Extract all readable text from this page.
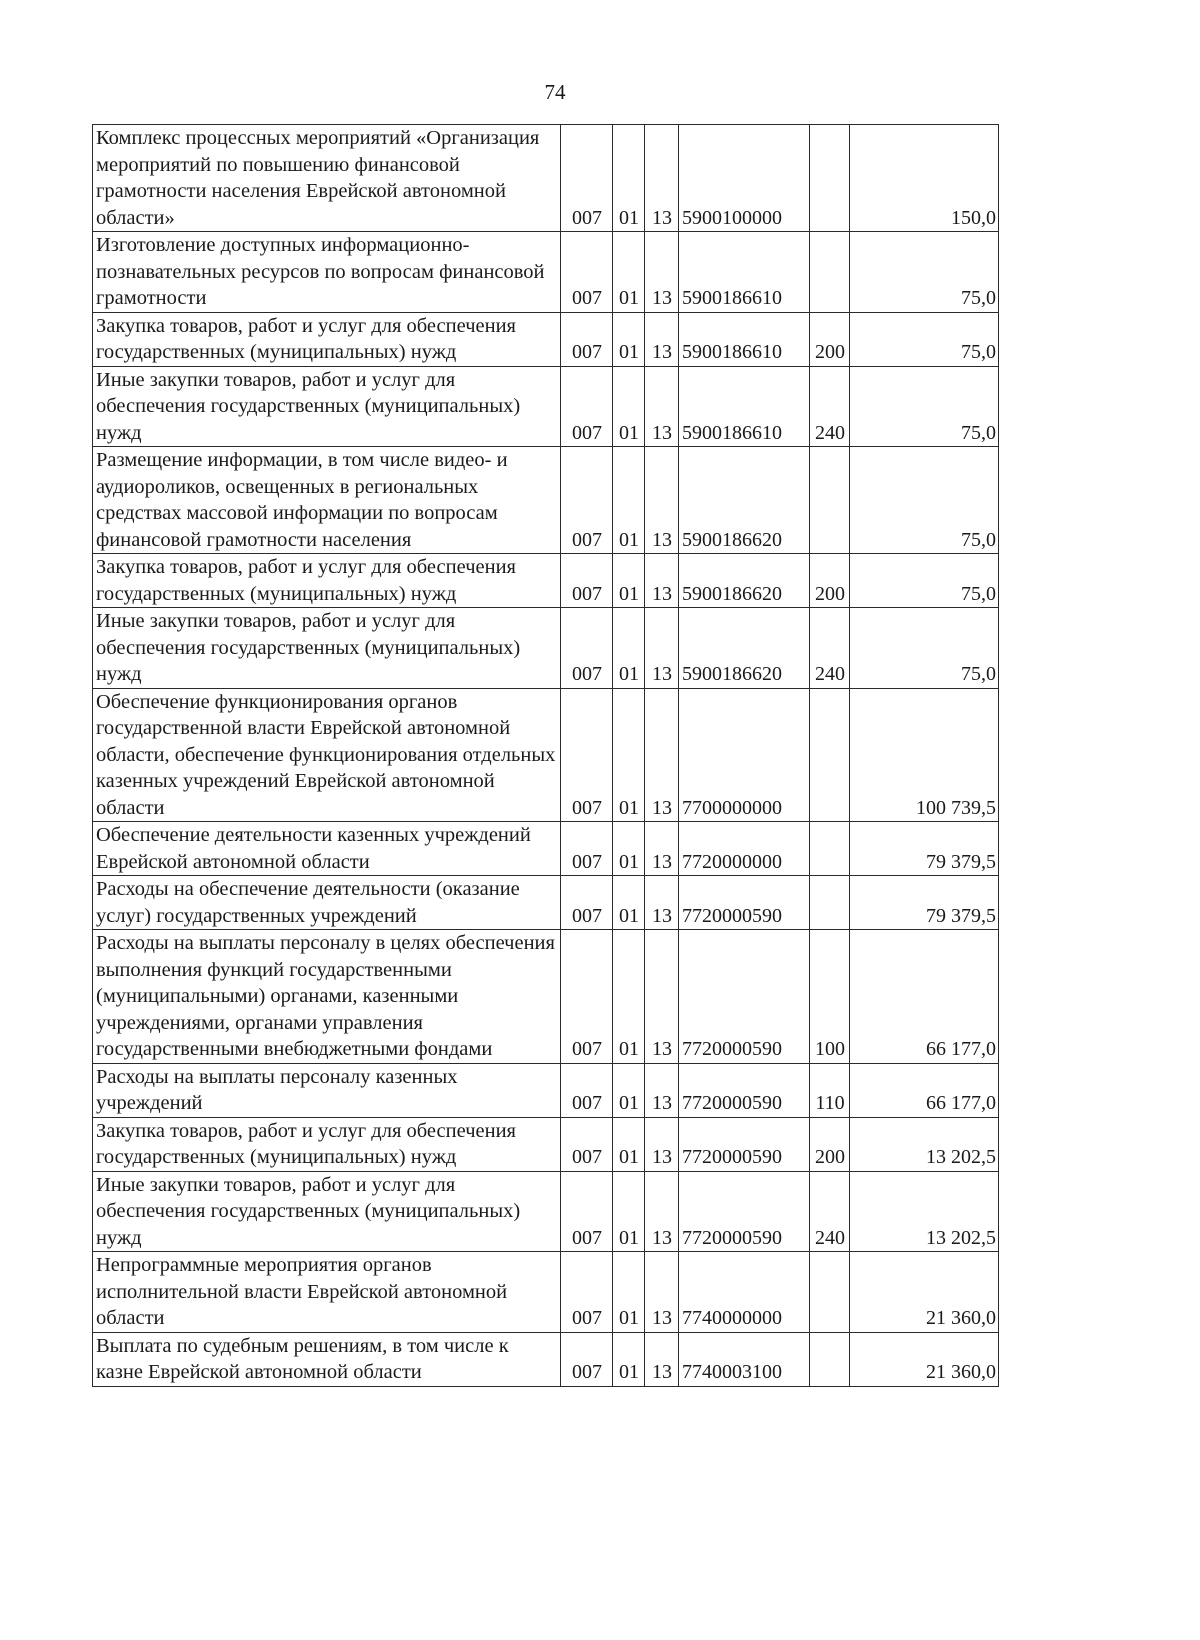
74
Комплекс процессных мероприятий «Организация мероприятий по повышению финансовой грамотности населения Еврейской автономной области»	007	01	13	5900100000		150,0
Изготовление доступных информационно-познавательных ресурсов по вопросам финансовой грамотности	007	01	13	5900186610		75,0
Закупка товаров, работ и услуг для обеспечения государственных (муниципальных) нужд	007	01	13	5900186610	200	75,0
Иные закупки товаров, работ и услуг для обеспечения государственных (муниципальных) нужд	007	01	13	5900186610	240	75,0
Размещение информации, в том числе видео- и аудиороликов, освещенных в региональных средствах массовой информации по вопросам финансовой грамотности населения	007	01	13	5900186620		75,0
Закупка товаров, работ и услуг для обеспечения государственных (муниципальных) нужд	007	01	13	5900186620	200	75,0
Иные закупки товаров, работ и услуг для обеспечения государственных (муниципальных) нужд	007	01	13	5900186620	240	75,0
Обеспечение функционирования органов государственной власти Еврейской автономной области, обеспечение функционирования отдельных казенных учреждений Еврейской автономной области	007	01	13	7700000000		100 739,5
Обеспечение деятельности казенных учреждений Еврейской автономной области	007	01	13	7720000000		79 379,5
Расходы на обеспечение деятельности (оказание услуг) государственных учреждений	007	01	13	7720000590		79 379,5
Расходы на выплаты персоналу в целях обеспечения выполнения функций государственными (муниципальными) органами, казенными учреждениями, органами управления государственными внебюджетными фондами	007	01	13	7720000590	100	66 177,0
Расходы на выплаты персоналу казенных учреждений	007	01	13	7720000590	110	66 177,0
Закупка товаров, работ и услуг для обеспечения государственных (муниципальных) нужд	007	01	13	7720000590	200	13 202,5
Иные закупки товаров, работ и услуг для обеспечения государственных (муниципальных) нужд	007	01	13	7720000590	240	13 202,5
Непрограммные мероприятия органов исполнительной власти Еврейской автономной области	007	01	13	7740000000		21 360,0
Выплата по судебным решениям, в том числе к казне Еврейской автономной области	007	01	13	7740003100		21 360,0
